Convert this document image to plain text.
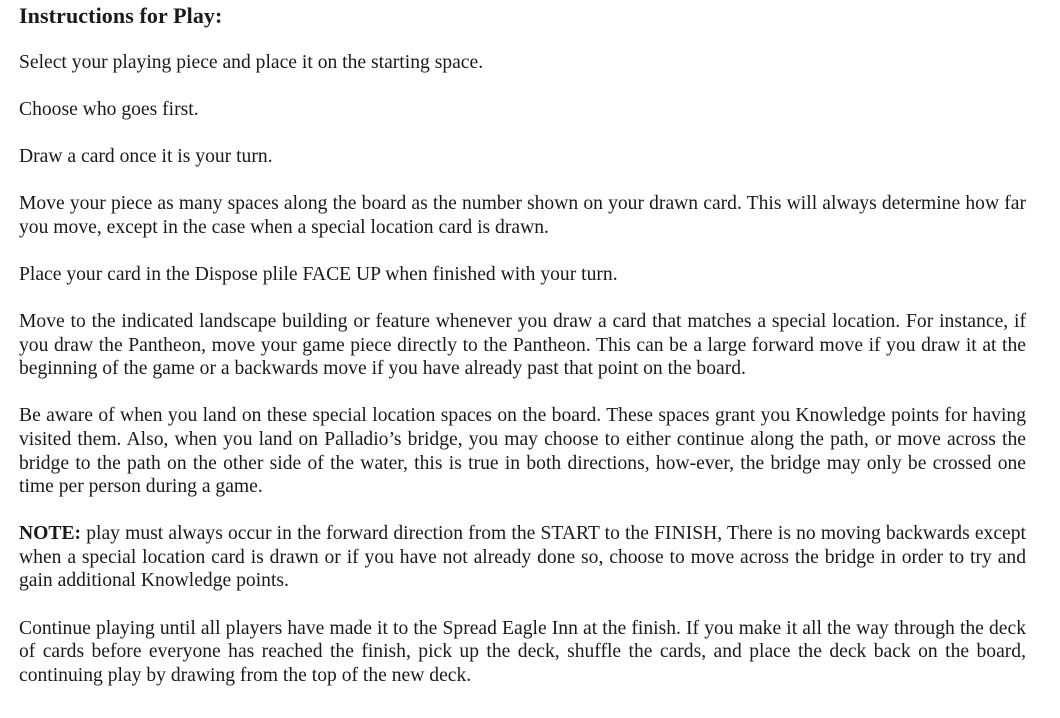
Instructions for Play:

Select your playing piece and place it on the starting space.

Choose who goes first.

Draw a card once it is your turn.

Move your piece as many spaces along the board as the number shown on your drawn card. This will always determine how far you move, except in the case when a special location card is drawn.

Place your card in the Dispose plile FACE UP when finished with your turn.

Move to the indicated landscape building or feature whenever you draw a card that matches a special location. For instance, if you draw the Pantheon, move your game piece directly to the Pantheon. This can be a large forward move if you draw it at the beginning of the game or a backwards move if you have already past that point on the board.

Be aware of when you land on these special location spaces on the board. These spaces grant you Knowledge points for having visited them. Also, when you land on Palladio’s bridge, you may choose to either continue along the path, or move across the bridge to the path on the other side of the water, this is true in both directions, how-ever, the bridge may only be crossed one time per person during a game.

NOTE: play must always occur in the forward direction from the START to the FINISH, There is no moving backwards except when a special location card is drawn or if you have not already done so, choose to move across the bridge in order to try and gain additional Knowledge points.

Continue playing until all players have made it to the Spread Eagle Inn at the finish. If you make it all the way through the deck of cards before everyone has reached the finish, pick up the deck, shuffle the cards, and place the deck back on the board, continuing play by drawing from the top of the new deck.
